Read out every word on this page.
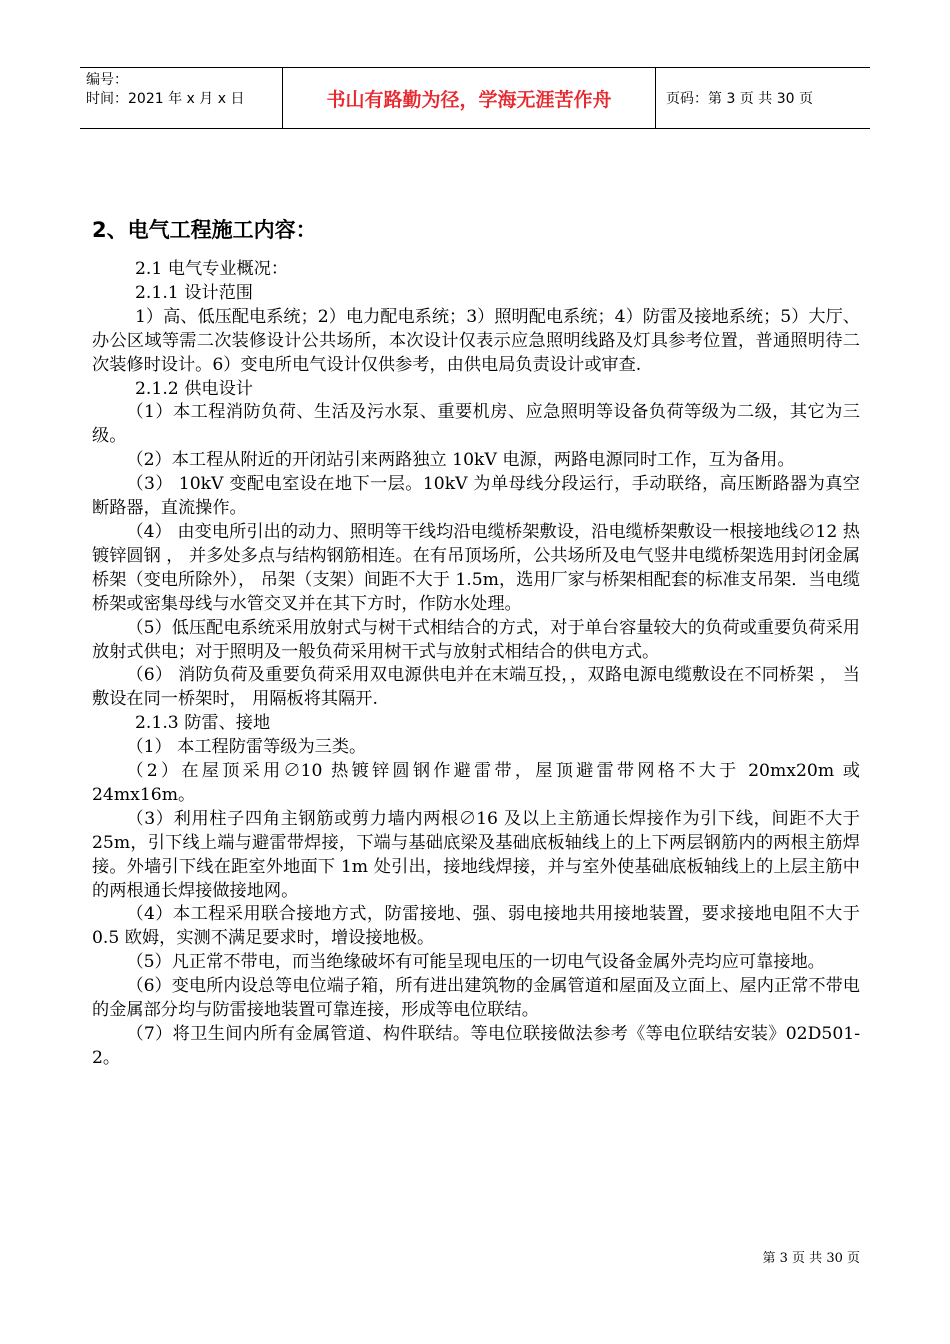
编号：
时间：2021 年 x 月 x 日	书山有路勤为径，学海无涯苦作舟	页码：第 3 页 共 30 页
2、电气工程施工内容：

2.1 电气专业概况：

2.1.1 设计范围

1）高、低压配电系统；2）电力配电系统；3）照明配电系统；4）防雷及接地系统；5）大厅、办公区域等需二次装修设计公共场所，本次设计仅表示应急照明线路及灯具参考位置，普通照明待二次装修时设计。6）变电所电气设计仅供参考，由供电局负责设计或审查.

2.1.2 供电设计

（1）本工程消防负荷、生活及污水泵、重要机房、应急照明等设备负荷等级为二级，其它为三级。

（2）本工程从附近的开闭站引来两路独立 10kV 电源，两路电源同时工作，互为备用。

（3） 10kV 变配电室设在地下一层。10kV 为单母线分段运行，手动联络，高压断路器为真空断路器，直流操作。

（4） 由变电所引出的动力、照明等干线均沿电缆桥架敷设，沿电缆桥架敷设一根接地线∅12 热镀锌圆钢 ， 并多处多点与结构钢筋相连。在有吊顶场所，公共场所及电气竖井电缆桥架选用封闭金属桥架（变电所除外）， 吊架（支架）间距不大于 1.5m，选用厂家与桥架相配套的标准支吊架．当电缆桥架或密集母线与水管交叉并在其下方时，作防水处理。

（5）低压配电系统采用放射式与树干式相结合的方式，对于单台容量较大的负荷或重要负荷采用放射式供电；对于照明及一般负荷采用树干式与放射式相结合的供电方式。

（6） 消防负荷及重要负荷采用双电源供电并在末端互投，，双路电源电缆敷设在不同桥架 ， 当敷设在同一桥架时， 用隔板将其隔开.

2.1.3 防雷、接地

（1） 本工程防雷等级为三类。

（2）在屋顶采用∅10 热镀锌圆钢作避雷带，屋顶避雷带网格不大于 20mx20m 或 24mx16m。

（3）利用柱子四角主钢筋或剪力墙内两根∅16 及以上主筋通长焊接作为引下线，间距不大于 25m，引下线上端与避雷带焊接，下端与基础底梁及基础底板轴线上的上下两层钢筋内的两根主筋焊接。外墙引下线在距室外地面下 1m 处引出，接地线焊接，并与室外使基础底板轴线上的上层主筋中的两根通长焊接做接地网。

（4）本工程采用联合接地方式，防雷接地、强、弱电接地共用接地装置，要求接地电阻不大于 0.5 欧姆，实测不满足要求时，增设接地极。

（5）凡正常不带电，而当绝缘破坏有可能呈现电压的一切电气设备金属外壳均应可靠接地。

（6）变电所内设总等电位端子箱，所有进出建筑物的金属管道和屋面及立面上、屋内正常不带电的金属部分均与防雷接地装置可靠连接，形成等电位联结。

（7）将卫生间内所有金属管道、构件联结。等电位联接做法参考《等电位联结安装》02D501-2。

第 3 页 共 30 页
